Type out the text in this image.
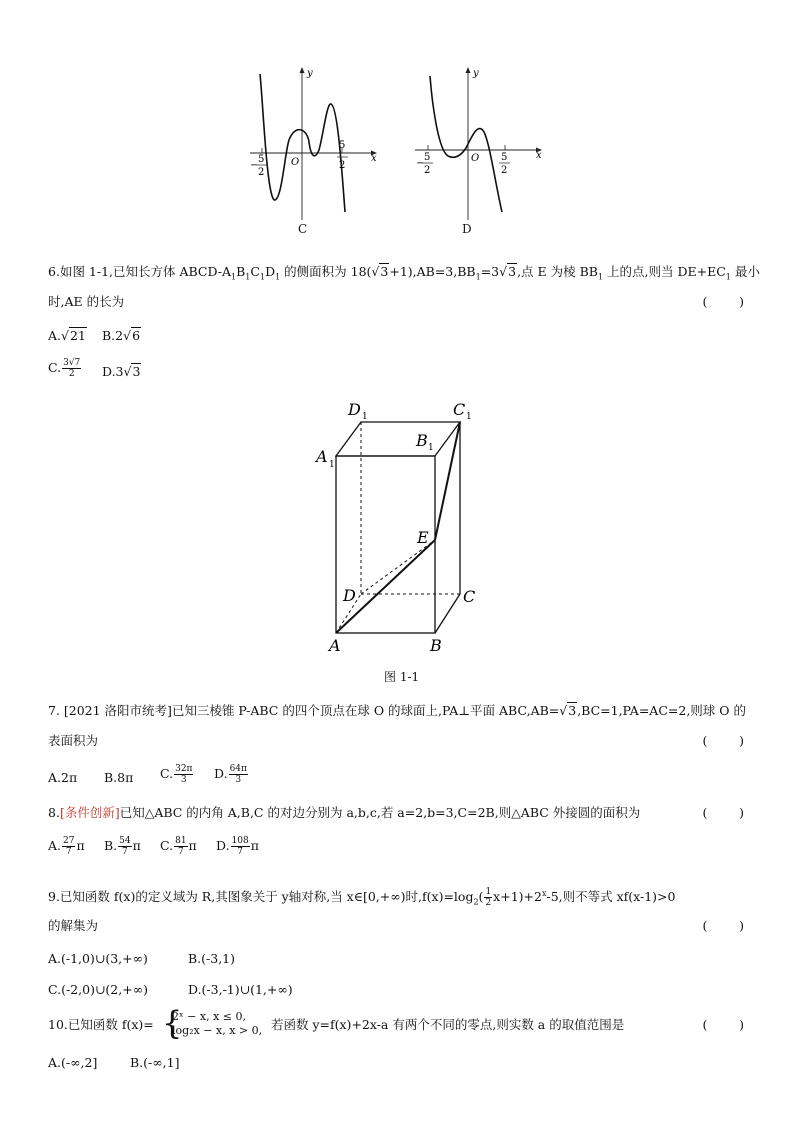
y
x
O
−
5
2
5
2
C
y
x
O
−
5
2
5
2
D
6.如图 1-1,已知长方体 ABCD-$A_1B_1C_1D_1$ 的侧面积为 $18(√3+1),AB=3,BB_1=3√3$,点 E 为棱 $BB_1$ 上的点,则当 $DE+EC_1$ 最小
时,AE 的长为	(        )
A.√21 B.2√6
C. $\frac{3√7}{2} D.3√3$
D 1	C 1
A 1
B 1
E
D	C
A	B
图 1-1
7. [2021 洛阳市统考]已知三棱锥 P-ABC 的四个顶点在球 O 的球面上,PA⊥平面 ABC,AB=√3,BC=1,PA=AC=2,则球 O 的
表面积为	(        )
A.2π B.8π C. $\frac{32\pi}{3} D$. $\frac{64\pi}{3}$
8.[条件创新]已知△ABC 的内角 A,B,C 的对边分别为 a,b,c,若 a=2,b=3,C=2B,则△ABC 外接圆的面积为	(        )
A. $\frac{27}{7}$ π B. $\frac{54}{7}$ π C. $\frac{81}{7}$ π D. $\frac{108}{7}$ π
9.已知函数 f(x)的定义域为 R,其图象关于 y轴对称,当 x∈[0,+∞)时$,f(x)=\log_2( \frac{1}{2} x+1)+2^x-5$,则不等式 xf(x-1)>0
的解集为	(        )
A.(-1,0)∪(3,+∞)	B.(-3,1)
C.(-2,0)∪(2,+∞)	D.(-3,-1)∪(1,+∞)
10.已知函数 f(x)= {
2ˣ − x, x ≤ 0,
log₂x − x, x > 0, 若函数 y=f(x)+2x-a 有两个不同的零点,则实数 a 的取值范围是	(        )
A.(-∞,2]	B.(-∞,1]
